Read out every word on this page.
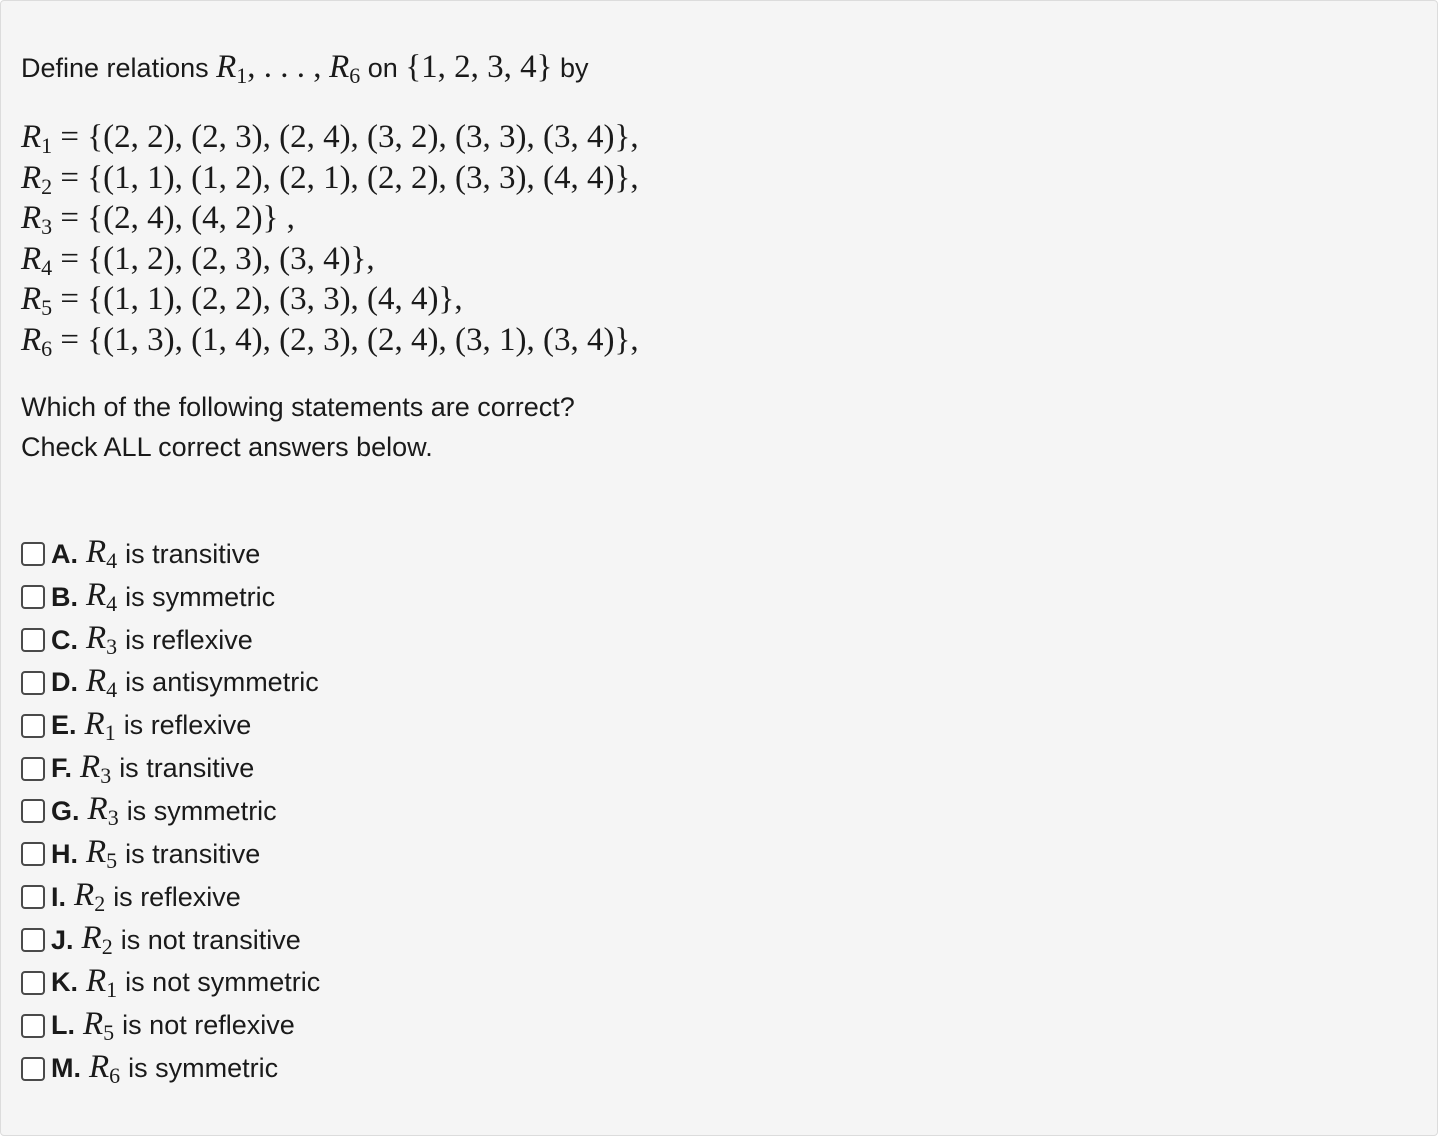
Define relations $R_1$, . . . , $R_6$ on {1, 2, 3, 4} by
$R_1 = \{(2$, 2), (2, 3), (2, 4), (3, 2), (3, 3), (3, 4)},
$R_2 = \{(1$, 1), (1, 2), (2, 1), (2, 2), (3, 3), (4, 4)},
$R_3 = \{(2$, 4), (4, 2)} ,
$R_4 = \{(1$, 2), (2, 3), (3, 4)},
$R_5 = \{(1$, 1), (2, 2), (3, 3), (4, 4)},
$R_6 = \{(1$, 3), (1, 4), (2, 3), (2, 4), (3, 1), (3, 4)},
Which of the following statements are correct?
Check ALL correct answers below.
A. $R_4$ is transitive
B. $R_4$ is symmetric
C. $R_3$ is reflexive
D. $R_4$ is antisymmetric
E. $R_1$ is reflexive
F. $R_3$ is transitive
G. $R_3$ is symmetric
H. $R_5$ is transitive
I. $R_2$ is reflexive
J. $R_2$ is not transitive
K. $R_1$ is not symmetric
L. $R_5$ is not reflexive
M. $R_6$ is symmetric
